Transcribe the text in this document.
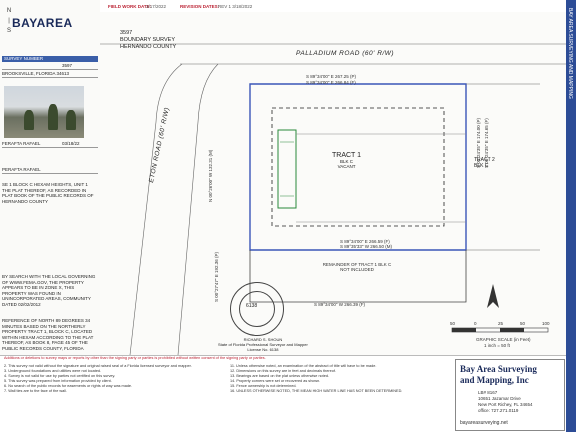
N
|
S
BAYAREA
SURVEY NUMBER
3597
BROOKSVILLE, FLORIDA 34613
FERAFTA RAFAEL	03/18/22
PERAFTA RAFAEL
SE 1 BLOCK C HEXAM HEIGHTS, UNIT 1 THE PLAT THEREOF, AS RECORDED IN PLAT BOOK OF THE PUBLIC RECORDS OF HERNANDO COUNTY
BY SEARCH WITH THE LOCAL GOVERNING OF WWW.FEMA.GOV, THE PROPERTY APPEARS TO BE IN ZONE X, THIS PROPERTY WAS FOUND IN UNINCORPORATED AREAS, COMMUNITY DATED 02/02/2012
REFERENCE OF NORTH 89 DEGREES 34 MINUTES BASED ON THE NORTHERLY PROPERTY TRACT 1, BLOCK C, LOCATED WITHIN HEXAM ACCORDING TO THE PLAT THEREOF, AS BOOK 8, PAGE 45 OF THE PUBLIC RECORDS COUNTY, FLORIDA
FIELD WORK DATE:
3/17/2022	REVISION DATES:
REV 1 3/18/2022
BAY AREA SURVEYING AND MAPPING
3597
BOUNDARY SURVEY
HERNANDO COUNTY
PALLADIUM ROAD (60' R/W)
ETON ROAD (60' R/W)
S 89°34'00" E 267.25 (P)
S 89°34'00" E 266.84 (F)
S 89°34'00" E 266.59 (F)
S 89°35'33" W 266.50 (M)
S 89°34'00" W 266.39 (F)
S 00°24'35" E 174.00 (P) S 00°24'35" E 174.65 (F)
N 00°26'00" W 132.31 (M)
S 00°27'47" E 192.36 (P)
TRACT 1
BLK C
VACANT
TRACT 2
BLK C
REMAINDER OF TRACT 1 BLK C NOT INCLUDED
6138
RICHARD S. SHOUN
State of Florida Professional Surveyor and Mapper
License No. 6138
GRAPHIC SCALE (in Feet)
1 inch = 50 ft
50	0	25	50	100
Additions or deletions to survey maps or reports by other than the signing party or parties is prohibited without written consent of the signing party or parties.
2. This survey not valid without the signature and original raised seal of a Florida licensed surveyor and mapper.
3. Underground foundations and utilities were not located.
4. Survey is not valid for use by parties not certified on this survey.
5. This survey was prepared from information provided by client.
6. No search of the public records for easements or rights of way was made.
7. Wall ties are to the face of the wall.
11. Unless otherwise noted, an examination of the abstract of title will have to be made.
12. Dimensions on this survey are in feet and decimals thereof.
13. Bearings are based on the plat unless otherwise noted.
14. Property corners were set or recovered as shown.
15. Fence ownership is not determined.
16. UNLESS OTHERWISE NOTED, THE MEAN HIGH WATER LINE HAS NOT BEEN DETERMINED.
Bay Area Surveying
and Mapping, Inc
LB# 8167
10651 Jazamar Drive
New Port Richey, FL 34654
office: 727.271.0119
bayareasurveying.net
